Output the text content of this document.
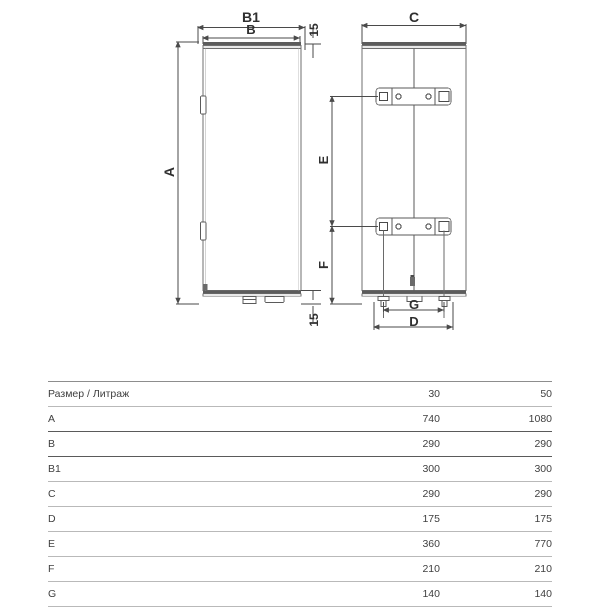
B1
B	15
15
A
C
E
F
G
D
Размер / Литраж	30	50
A	740	1080
B	290	290
B1	300	300
C	290	290
D	175	175
E	360	770
F	210	210
G	140	140
